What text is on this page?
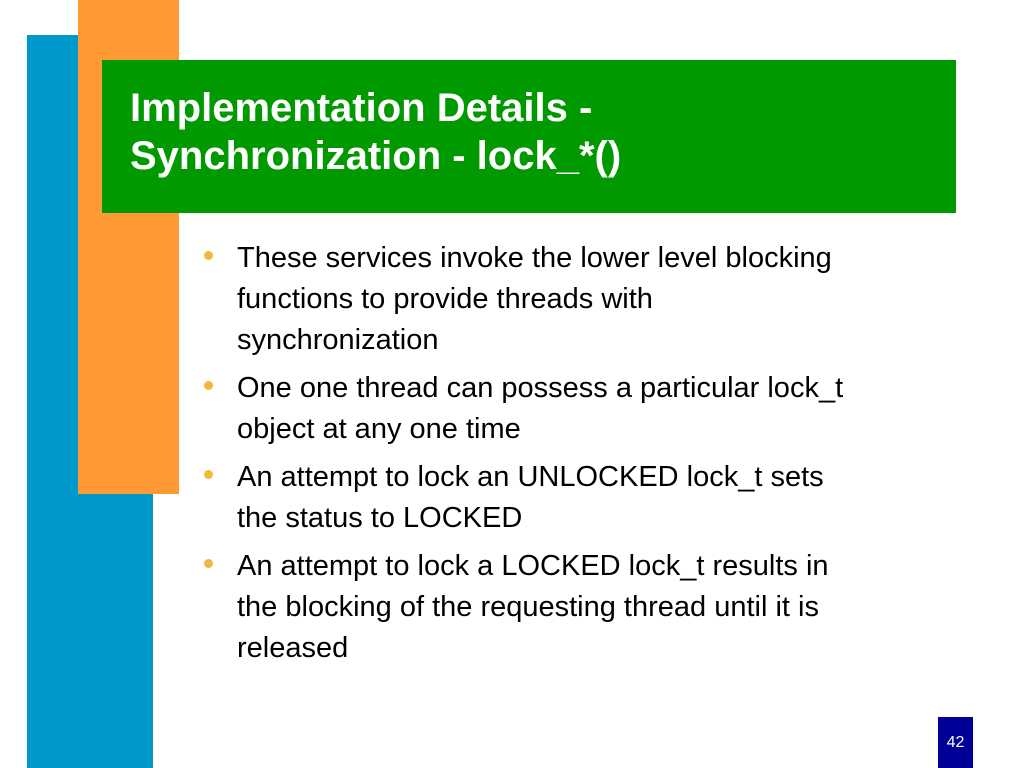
Implementation Details -
Synchronization - lock_*()
These services invoke the lower level blocking
functions to provide threads with
synchronization
One one thread can possess a particular lock_t
object at any one time
An attempt to lock an UNLOCKED lock_t sets
the status to LOCKED
An attempt to lock a LOCKED lock_t results in
the blocking of the requesting thread until it is
released
42
